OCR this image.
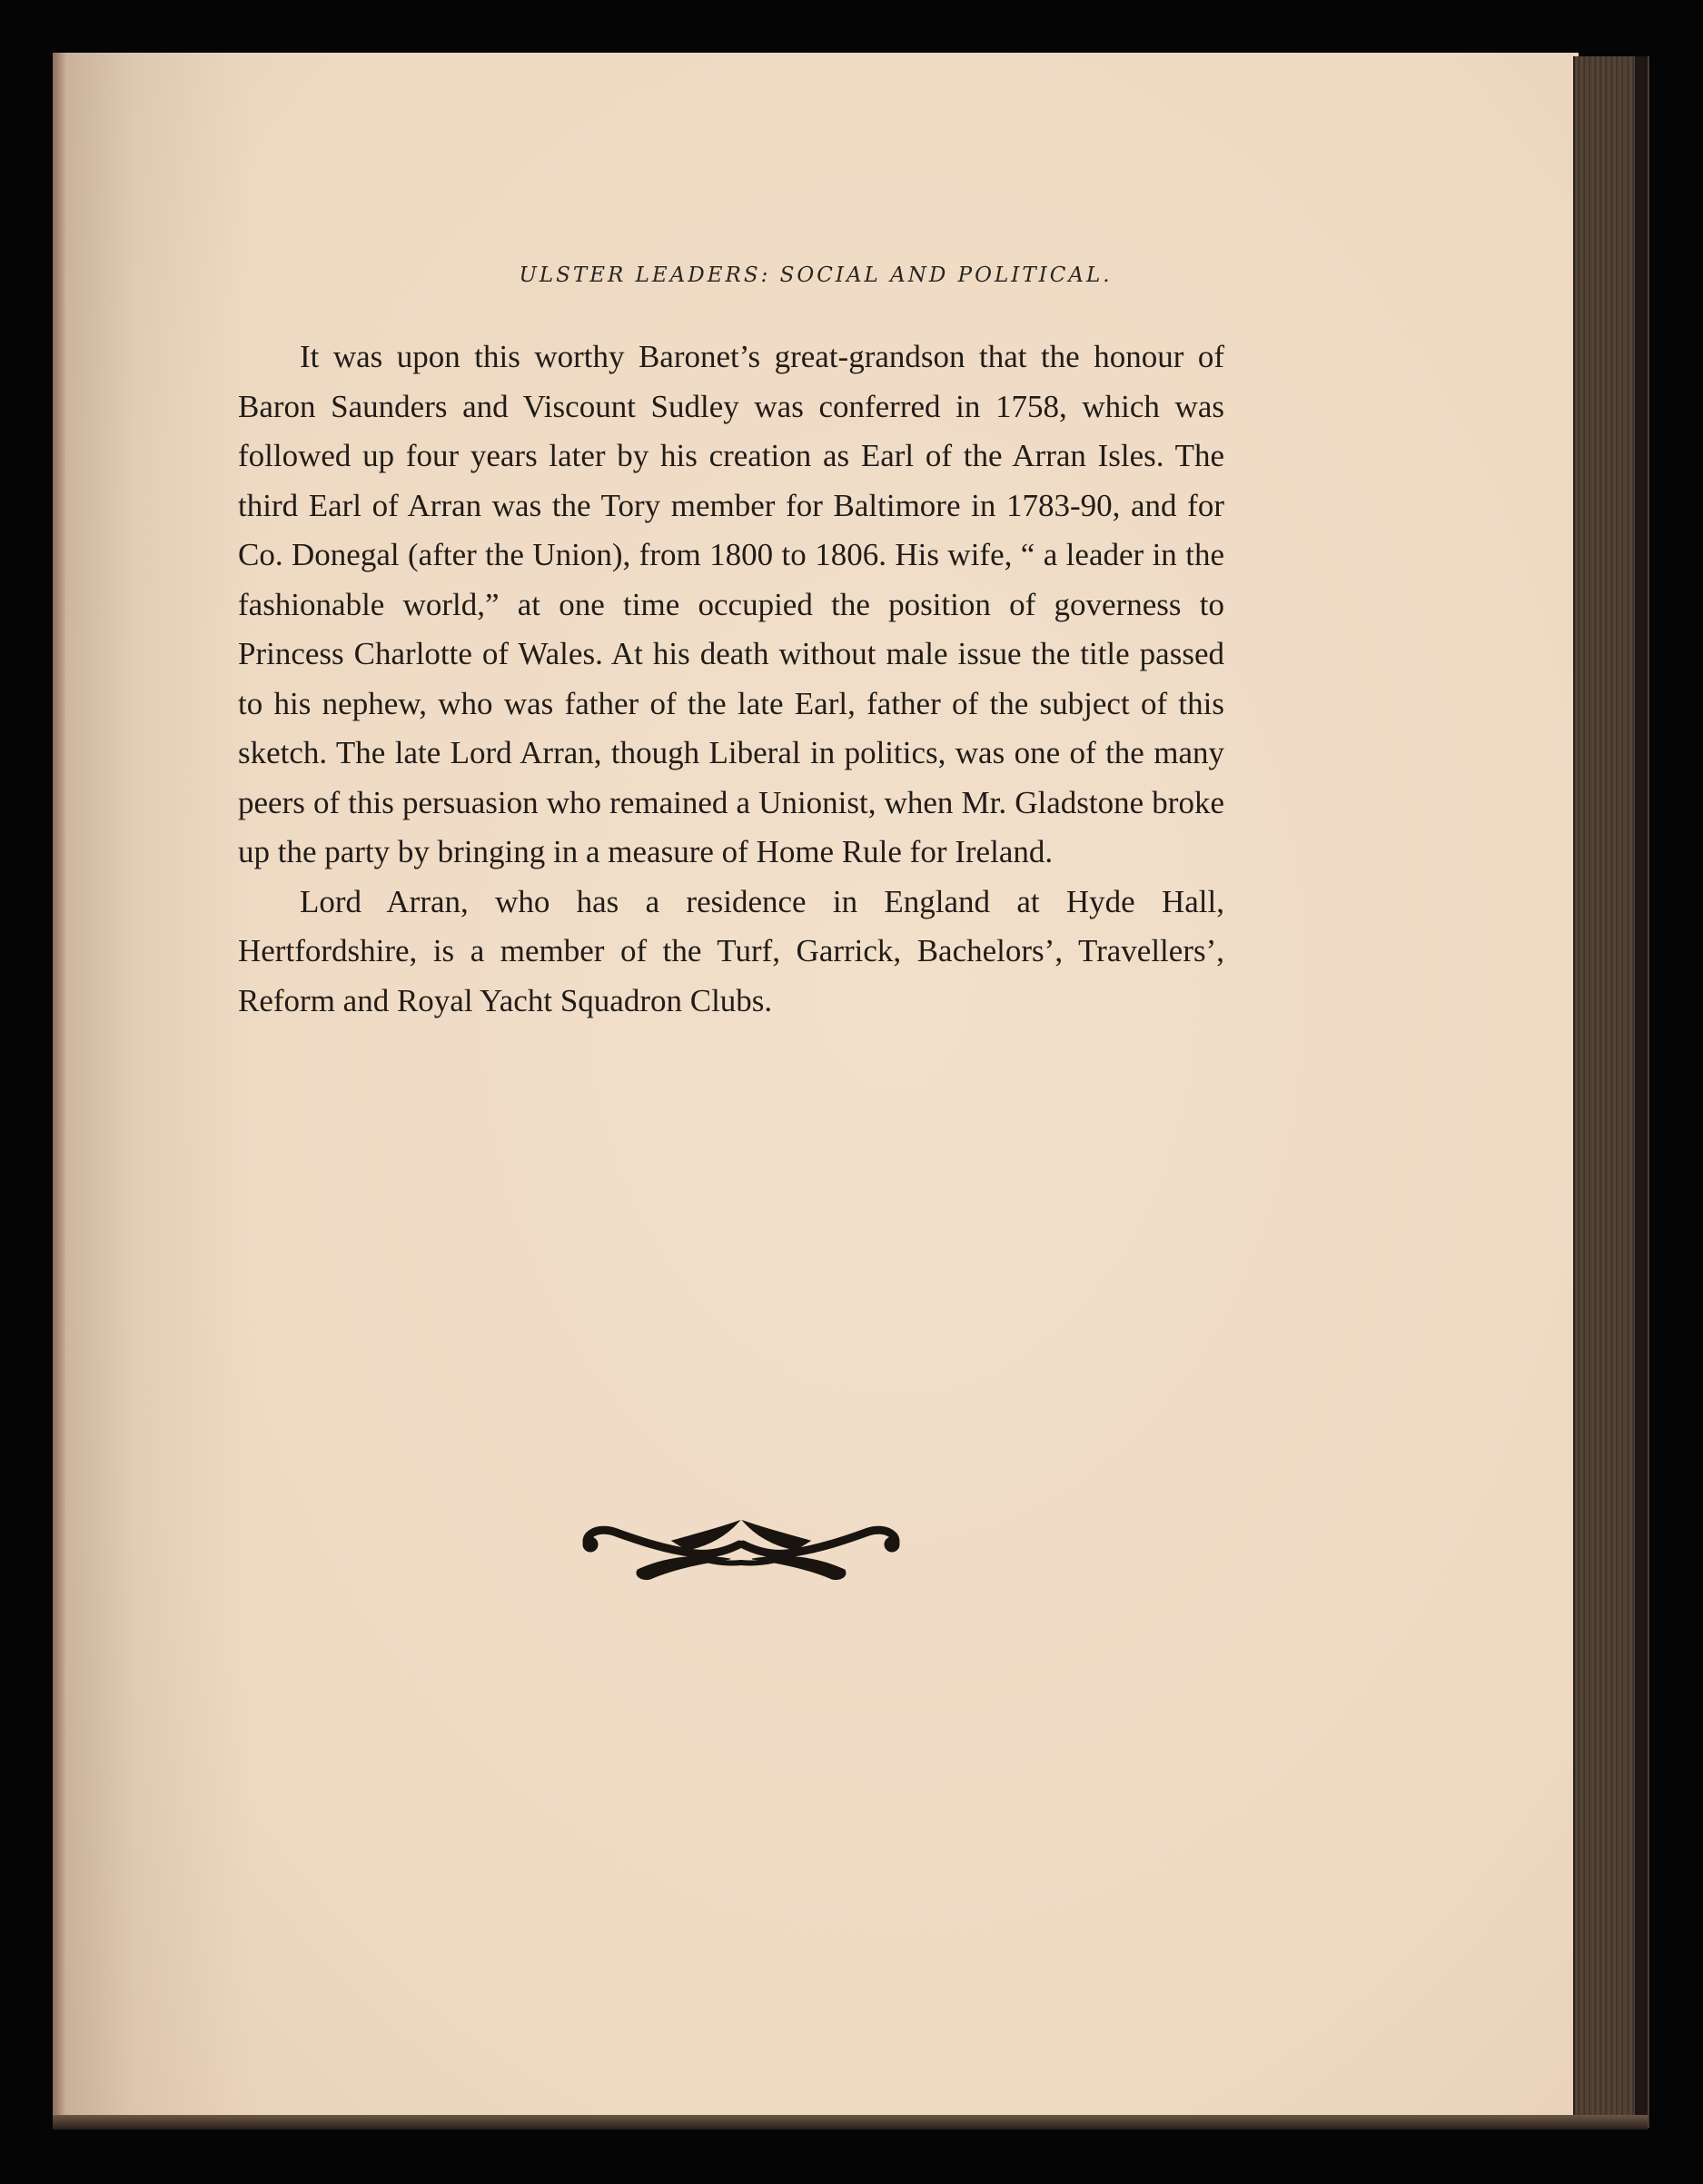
ULSTER LEADERS: SOCIAL AND POLITICAL.

It was upon this worthy Baronet’s great-grandson that the honour of Baron Saunders and Viscount Sudley was conferred in 1758, which was followed up four years later by his creation as Earl of the Arran Isles. The third Earl of Arran was the Tory member for Baltimore in 1783-90, and for Co. Donegal (after the Union), from 1800 to 1806. His wife, “ a leader in the fashionable world,” at one time occupied the position of governess to Princess Charlotte of Wales. At his death without male issue the title passed to his nephew, who was father of the late Earl, father of the subject of this sketch. The late Lord Arran, though Liberal in politics, was one of the many peers of this persuasion who remained a Unionist, when Mr. Gladstone broke up the party by bringing in a measure of Home Rule for Ireland.

Lord Arran, who has a residence in England at Hyde Hall, Hertfordshire, is a member of the Turf, Garrick, Bachelors’, Travellers’, Reform and Royal Yacht Squadron Clubs.
